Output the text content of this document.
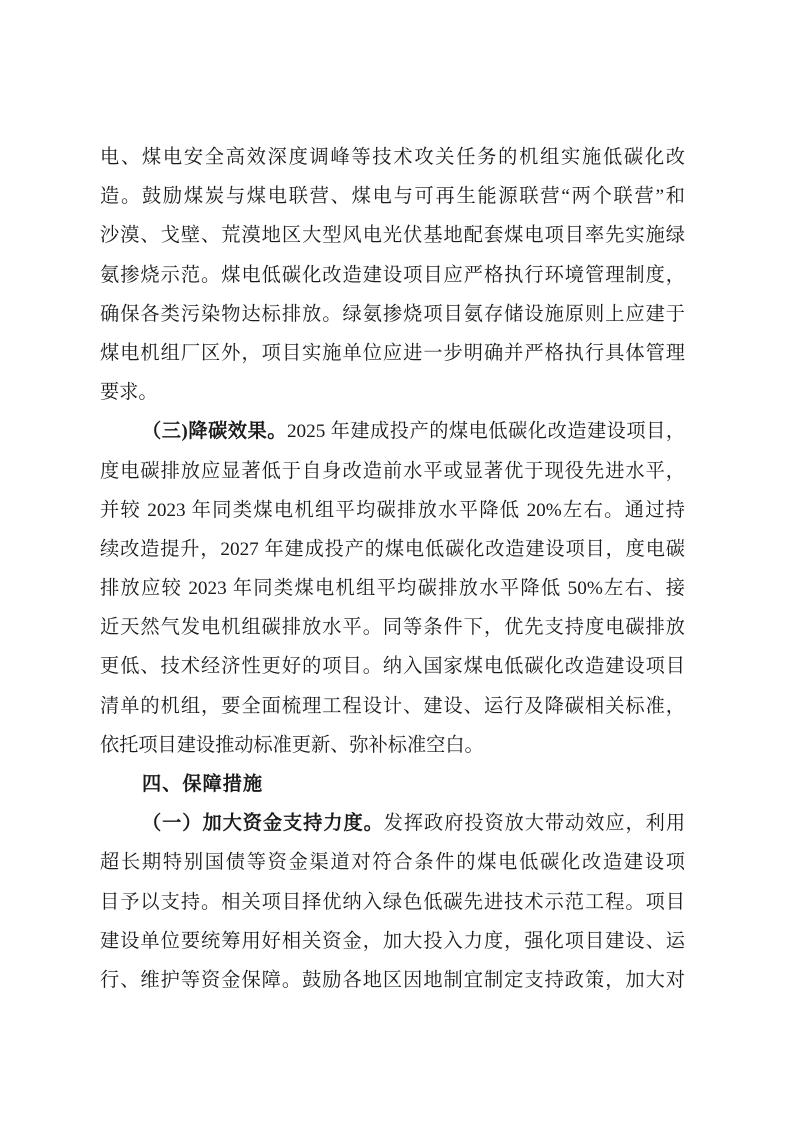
电、煤电安全高效深度调峰等技术攻关任务的机组实施低碳化改
造。鼓励煤炭与煤电联营、煤电与可再生能源联营“两个联营”和
沙漠、戈壁、荒漠地区大型风电光伏基地配套煤电项目率先实施绿
氨掺烧示范。煤电低碳化改造建设项目应严格执行环境管理制度，
确保各类污染物达标排放。绿氨掺烧项目氨存储设施原则上应建于
煤电机组厂区外，项目实施单位应进一步明确并严格执行具体管理
要求。
（三)降碳效果。2025 年建成投产的煤电低碳化改造建设项目，
度电碳排放应显著低于自身改造前水平或显著优于现役先进水平，
并较 2023 年同类煤电机组平均碳排放水平降低 20%左右。通过持
续改造提升，2027 年建成投产的煤电低碳化改造建设项目，度电碳
排放应较 2023 年同类煤电机组平均碳排放水平降低 50%左右、接
近天然气发电机组碳排放水平。同等条件下，优先支持度电碳排放
更低、技术经济性更好的项目。纳入国家煤电低碳化改造建设项目
清单的机组，要全面梳理工程设计、建设、运行及降碳相关标准，
依托项目建设推动标准更新、弥补标准空白。
四、保障措施
（一）加大资金支持力度。发挥政府投资放大带动效应，利用
超长期特别国债等资金渠道对符合条件的煤电低碳化改造建设项
目予以支持。相关项目择优纳入绿色低碳先进技术示范工程。项目
建设单位要统筹用好相关资金，加大投入力度，强化项目建设、运
行、维护等资金保障。鼓励各地区因地制宜制定支持政策，加大对
